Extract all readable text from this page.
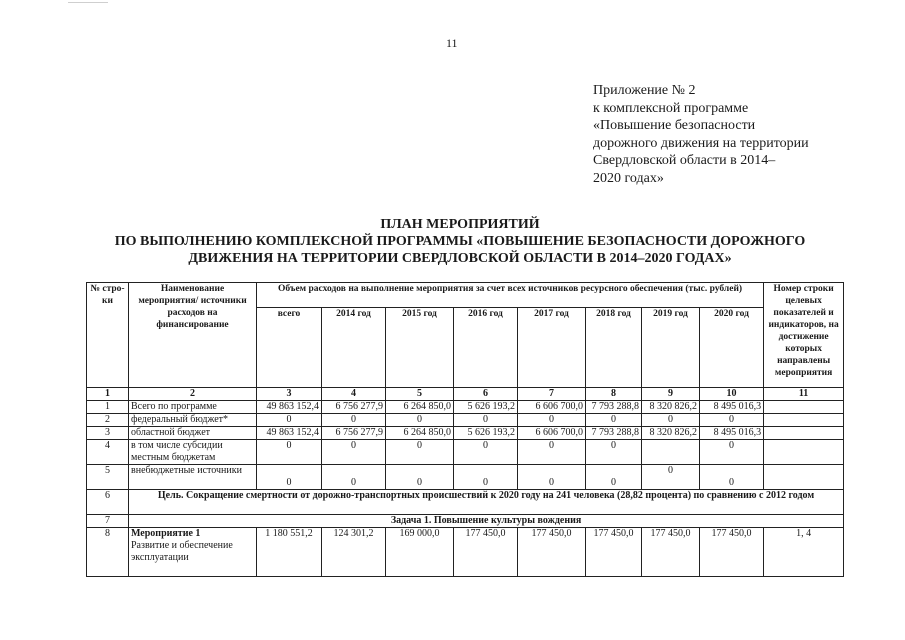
11
Приложение № 2
к комплексной программе
«Повышение безопасности
дорожного движения на территории
Свердловской области в 2014–
2020 годах»
ПЛАН МЕРОПРИЯТИЙ
ПО ВЫПОЛНЕНИЮ КОМПЛЕКСНОЙ ПРОГРАММЫ «ПОВЫШЕНИЕ БЕЗОПАСНОСТИ ДОРОЖНОГО
ДВИЖЕНИЯ НА ТЕРРИТОРИИ СВЕРДЛОВСКОЙ ОБЛАСТИ В 2014–2020 ГОДАХ»
№ стро-ки	Наименование мероприятия/ источники расходов на финансирование	Объем расходов на выполнение мероприятия за счет всех источников ресурсного обеспечения (тыс. рублей)								Номер строки целевых показателей и индикаторов, на достижение которых направлены мероприятия
		всего	2014 год	2015 год	2016 год	2017 год	2018 год	2019 год	2020 год	
1	2	3	4	5	6	7	8	9	10	11
1	Всего по программе	49 863 152,4	6 756 277,9	6 264 850,0	5 626 193,2	6 606 700,0	7 793 288,8	8 320 826,2	8 495 016,3	
2	федеральный бюджет*	0	0	0	0	0	0	0	0	
3	областной бюджет	49 863 152,4	6 756 277,9	6 264 850,0	5 626 193,2	6 606 700,0	7 793 288,8	8 320 826,2	8 495 016,3	
4	в том числе субсидии местным бюджетам	0	0	0	0	0	0		0	
5	внебюджетные источники	0	0	0	0	0	0	0	0	
6	Цель. Сокращение смертности от дорожно-транспортных происшествий к 2020 году на 241 человека (28,82 процента) по сравнению с 2012 годом									
7	Задача 1. Повышение культуры вождения									
8	Мероприятие 1
Развитие и обеспечение эксплуатации	1 180 551,2	124 301,2	169 000,0	177 450,0	177 450,0	177 450,0	177 450,0	177 450,0	1, 4
